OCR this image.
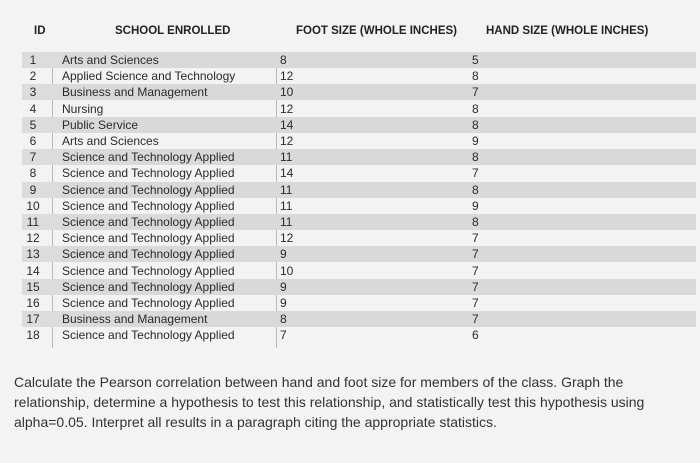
ID	SCHOOL ENROLLED	FOOT SIZE (WHOLE INCHES)	HAND SIZE (WHOLE INCHES)
1	Arts and Sciences	8	5
2	Applied Science and Technology	12	8
3	Business and Management	10	7
4	Nursing	12	8
5	Public Service	14	8
6	Arts and Sciences	12	9
7	Science and Technology Applied	11	8
8	Science and Technology Applied	14	7
9	Science and Technology Applied	11	8
10	Science and Technology Applied	11	9
11	Science and Technology Applied	11	8
12	Science and Technology Applied	12	7
13	Science and Technology Applied	9	7
14	Science and Technology Applied	10	7
15	Science and Technology Applied	9	7
16	Science and Technology Applied	9	7
17	Business and Management	8	7
18	Science and Technology Applied	7	6
Calculate the Pearson correlation between hand and foot size for members of the class. Graph the relationship, determine a hypothesis to test this relationship, and statistically test this hypothesis using alpha=0.05. Interpret all results in a paragraph citing the appropriate statistics.
